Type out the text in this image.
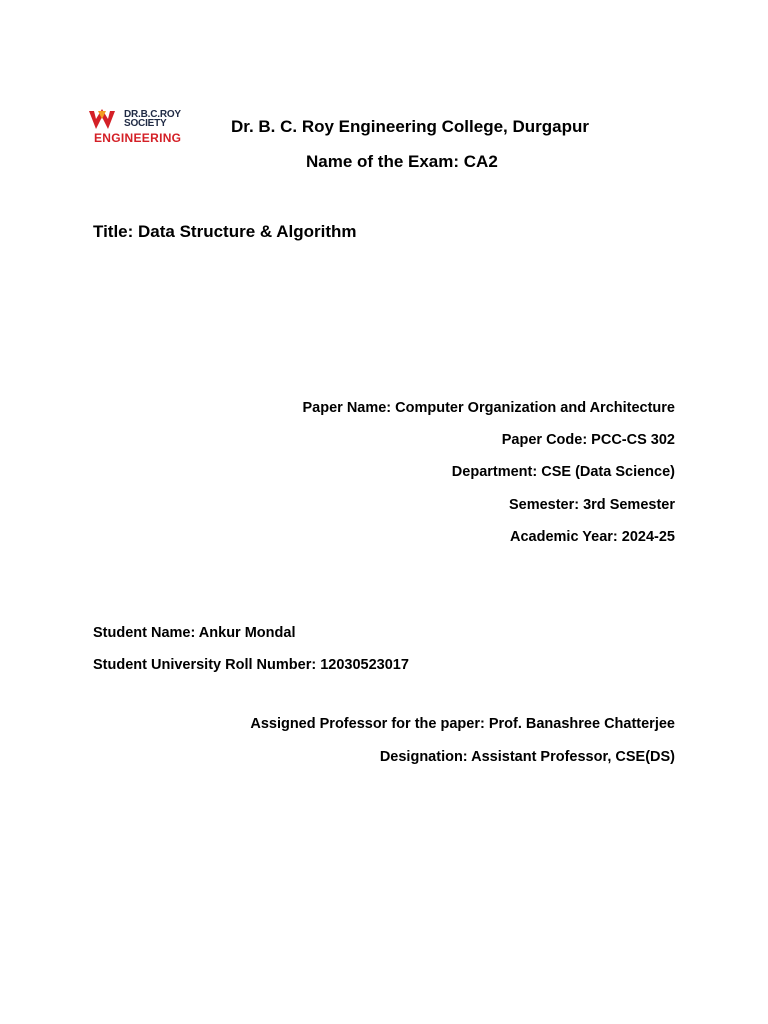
DR.B.C.ROY
SOCIETY
ENGINEERING
Dr. B. C. Roy Engineering College, Durgapur
Name of the Exam: CA2
Title: Data Structure & Algorithm
Paper Name: Computer Organization and Architecture
Paper Code: PCC-CS 302
Department: CSE (Data Science)
Semester: 3rd Semester
Academic Year: 2024-25
Student Name: Ankur Mondal
Student University Roll Number: 12030523017
Assigned Professor for the paper: Prof. Banashree Chatterjee
Designation: Assistant Professor, CSE(DS)
